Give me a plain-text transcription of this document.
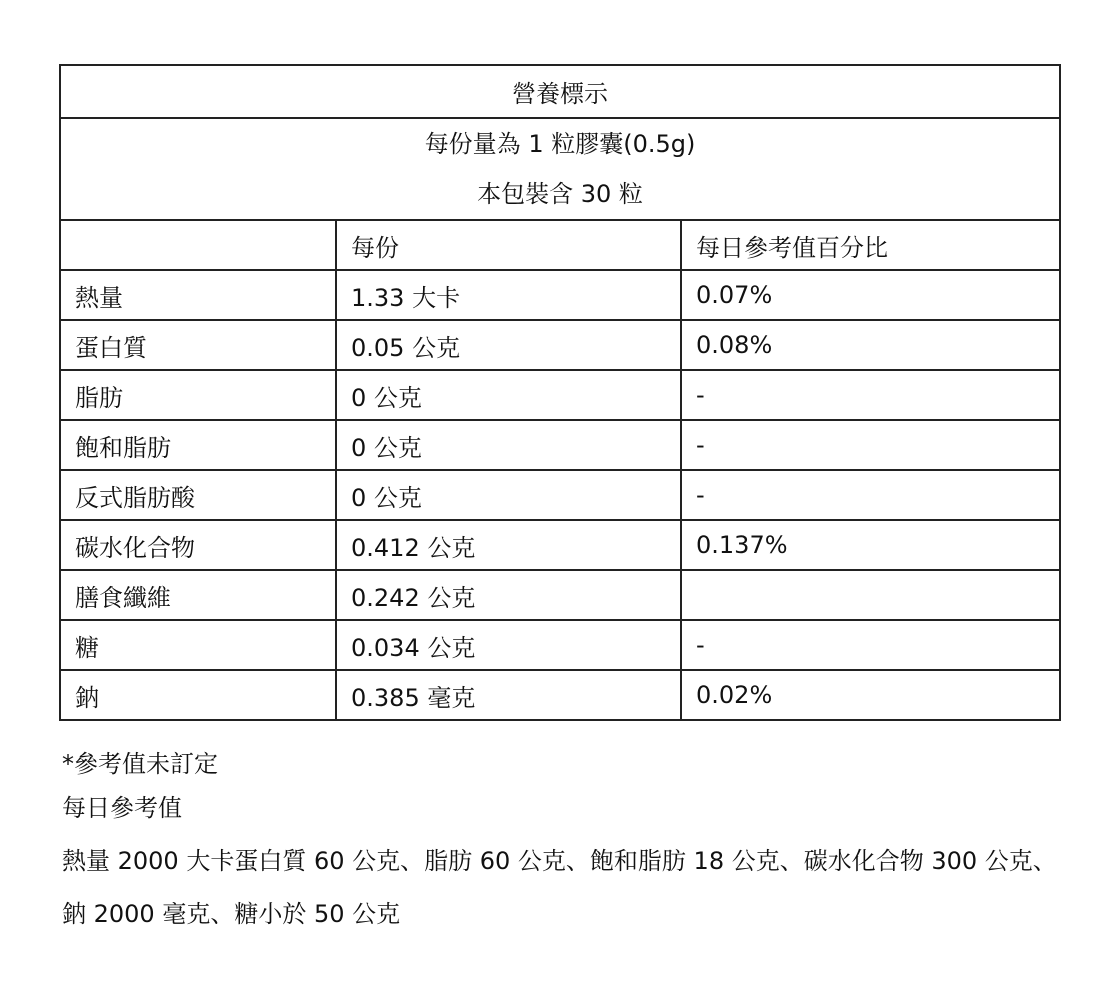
營養標示		

每份量為 1 粒膠囊(0.5g)
本包裝含 30 粒		

	每份	每日參考值百分比
熱量	1.33 大卡	0.07%
蛋白質	0.05 公克	0.08%
脂肪	0 公克	-
飽和脂肪	0 公克	-
反式脂肪酸	0 公克	-
碳水化合物	0.412 公克	0.137%
膳食纖維	0.242 公克	
糖	0.034 公克	-
鈉	0.385 毫克	0.02%

*參考值未訂定

每日參考值

熱量 2000 大卡蛋白質 60 公克、脂肪 60 公克、飽和脂肪 18 公克、碳水化合物 300 公克、鈉 2000 毫克、糖小於 50 公克
